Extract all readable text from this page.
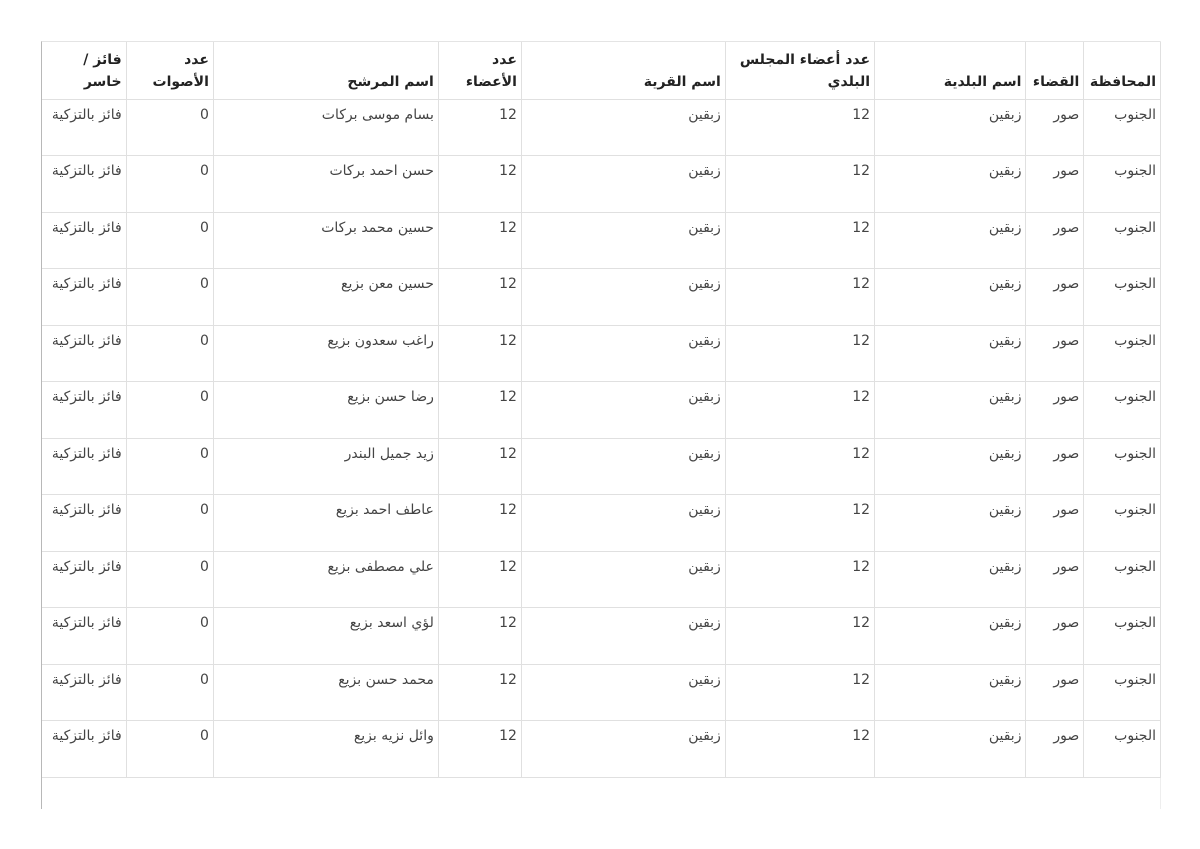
المحافظة	القضاء	اسم البلدية	عدد أعضاء المجلس البلدي	اسم القرية	عدد الأعضاء	اسم المرشح	عدد الأصوات	فائز / خاسر
الجنوب	صور	زبقين	12	زبقين	12	بسام موسى بركات	0	فائز بالتزكية
الجنوب	صور	زبقين	12	زبقين	12	حسن احمد بركات	0	فائز بالتزكية
الجنوب	صور	زبقين	12	زبقين	12	حسين محمد بركات	0	فائز بالتزكية
الجنوب	صور	زبقين	12	زبقين	12	حسين معن بزيع	0	فائز بالتزكية
الجنوب	صور	زبقين	12	زبقين	12	راغب سعدون بزيع	0	فائز بالتزكية
الجنوب	صور	زبقين	12	زبقين	12	رضا حسن بزيع	0	فائز بالتزكية
الجنوب	صور	زبقين	12	زبقين	12	زيد جميل البندر	0	فائز بالتزكية
الجنوب	صور	زبقين	12	زبقين	12	عاطف احمد بزيع	0	فائز بالتزكية
الجنوب	صور	زبقين	12	زبقين	12	علي مصطفى بزيع	0	فائز بالتزكية
الجنوب	صور	زبقين	12	زبقين	12	لؤي اسعد بزيع	0	فائز بالتزكية
الجنوب	صور	زبقين	12	زبقين	12	محمد حسن بزيع	0	فائز بالتزكية
الجنوب	صور	زبقين	12	زبقين	12	وائل نزيه بزيع	0	فائز بالتزكية
